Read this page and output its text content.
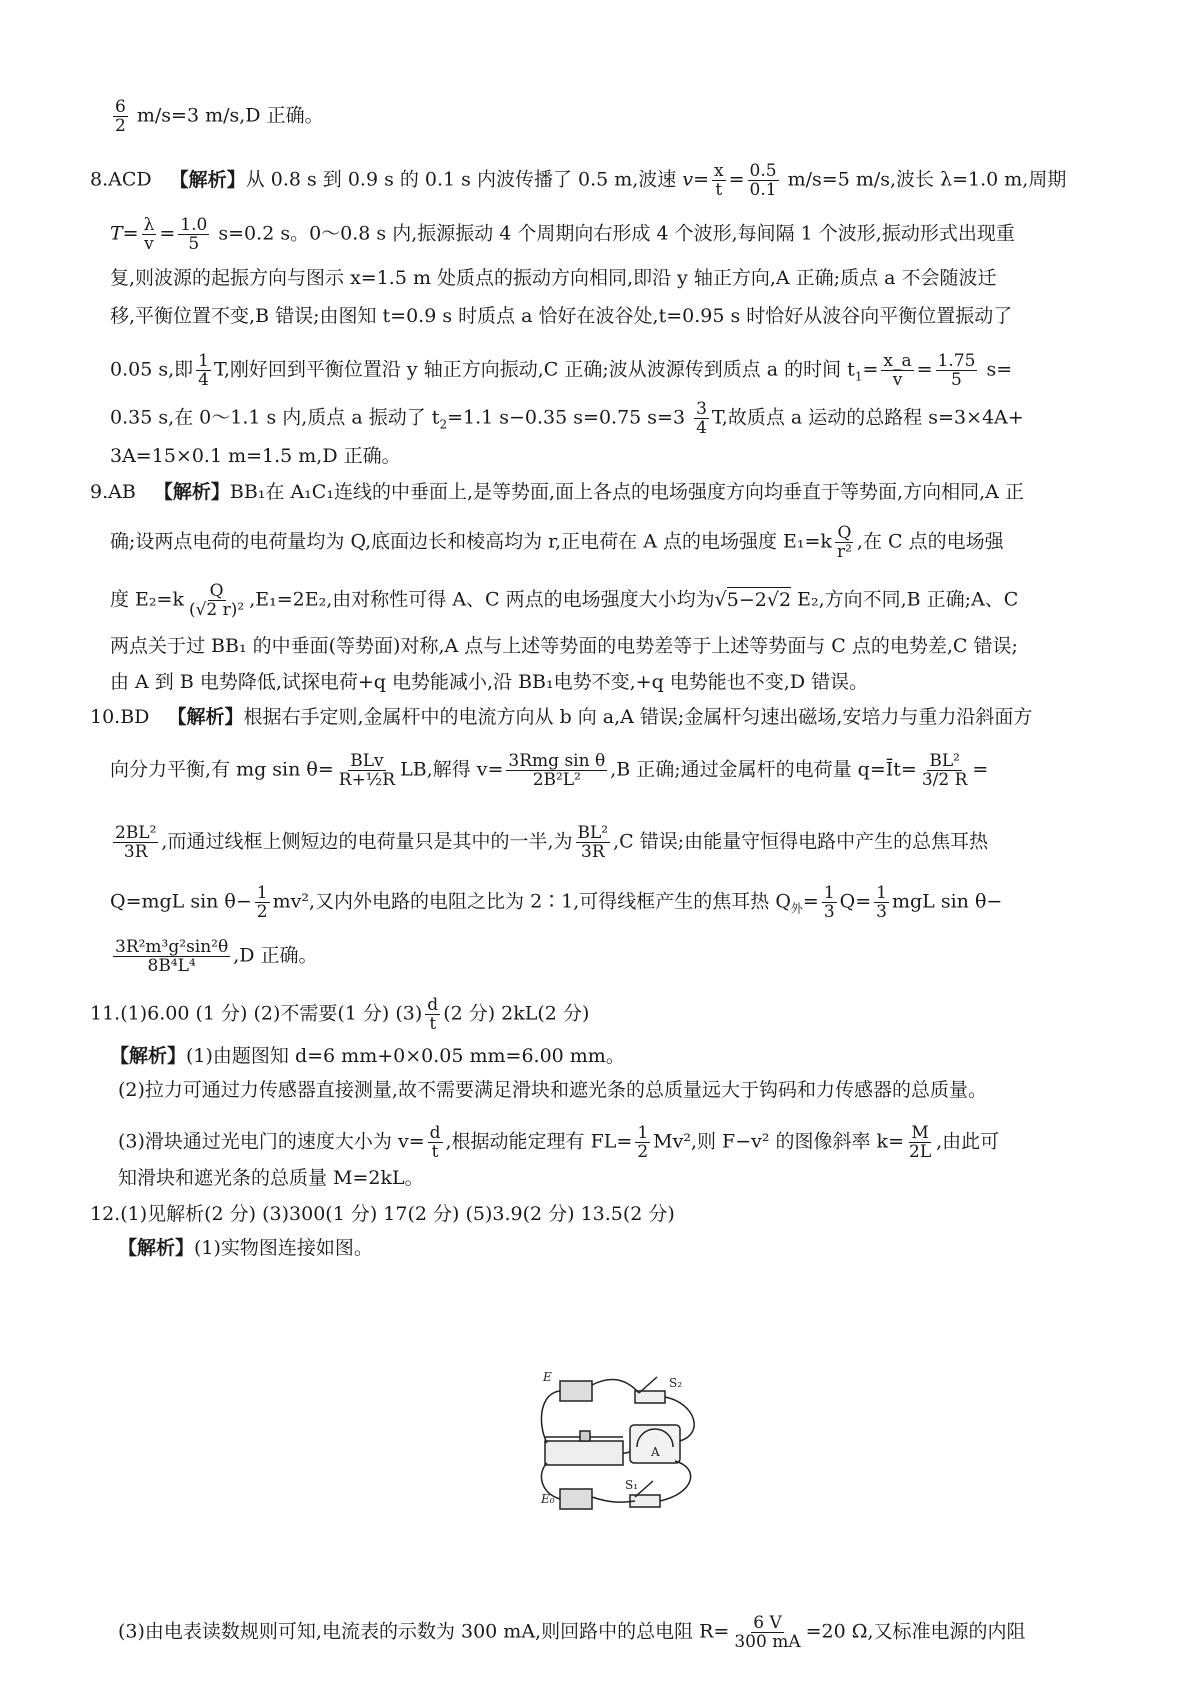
$\frac{6}{2} m/s=3$ m/s,D 正确。
8.ACD 【解析】从 0.8 s 到 0.9 s 的 0.1 s 内波传播了 0.5 m,波速 $v= \frac{x}{t} = \frac{0.5}{0.1} m/s=5$ m/s,波长 λ=1.0 m,周期
$T= \frac{\lambda}{v} = \frac{1.0}{5} s=0.2$ s。0～0.8 s 内,振源振动 4 个周期向右形成 4 个波形,每间隔 1 个波形,振动形式出现重
复,则波源的起振方向与图示 x=1.5 m 处质点的振动方向相同,即沿 y 轴正方向,A 正确;质点 a 不会随波迁
移,平衡位置不变,B 错误;由图知 t=0.9 s 时质点 a 恰好在波谷处,t=0.95 s 时恰好从波谷向平衡位置振动了
0.05 s,即 $\frac{1}{4} T$,刚好回到平衡位置沿 y 轴正方向振动,C 正确;波从波源传到质点 a 的时间 $t_1= \frac{x\_a}{v} = \frac{1.75}{5} s=$
0.35 s,在 0～1.1 s 内,质点 a 振动了 $t_2=1.1$ s−0.35 s=0.75 $s=3 \frac{3}{4} T$,故质点 a 运动的总路程 s=3×4A+
3A=15×0.1 m=1.5 m,D 正确。
9.AB 【解析】BB₁在 A₁C₁连线的中垂面上,是等势面,面上各点的电场强度方向均垂直于等势面,方向相同,A 正
确;设两点电荷的电荷量均为 Q,底面边长和棱高均为 r,正电荷在 A 点的电场强度 $E_1=k \frac{Q}{\text{r²}}$ ,在 C 点的电场强
度 $E_2=k \frac{Q}{\text{(√2 r)²}} ,E_1=2E_2$,由对称性可得 A、C 两点的电场强度大小均为√5−2√2 E₂,方向不同,B 正确;A、C
两点关于过 BB₁ 的中垂面(等势面)对称,A 点与上述等势面的电势差等于上述等势面与 C 点的电势差,C 错误;
由 A 到 B 电势降低,试探电荷+q 电势能减小,沿 BB₁电势不变,+q 电势能也不变,D 错误。
10.BD 【解析】根据右手定则,金属杆中的电流方向从 b 向 a,A 错误;金属杆匀速出磁场,安培力与重力沿斜面方
向分力平衡,有 mg $\sin \theta= \frac{\text{BLv}}{\text{R+½R}}$ LB,解得 $v= \frac{\text{3Rmg sin θ}}{\text{2B²L²}} ,B$ 正确;通过金属杆的电荷量 q=Īt= $\frac{\text{BL²}}{3/2 R}$ =
$\frac{\text{2BL²}}{3R}$ ,而通过线框上侧短边的电荷量只是其中的一半,为 $\frac{\text{BL²}}{3R} ,C$ 错误;由能量守恒得电路中产生的总焦耳热
Q=mgL $\sin \theta- \frac{1}{2} mv^2$,又内外电路的电阻之比为 2∶1,可得线框产生的焦耳热 $Q_外= \frac{1}{3} Q= \frac{1}{3}$ mgL sin θ−
$\frac{\text{3R²m³g²sin²θ}}{\text{8B⁴L⁴}} ,D$ 正确。
11.(1)6.00 (1 分) (2)不需要(1 分) $(3) \frac{d}{t} (2$ 分) 2kL(2 分)
【解析】(1)由题图知 d=6 mm+0×0.05 mm=6.00 mm。
(2)拉力可通过力传感器直接测量,故不需要满足滑块和遮光条的总质量远大于钩码和力传感器的总质量。
(3)滑块通过光电门的速度大小为 $v= \frac{d}{t}$ ,根据动能定理有 $FL= \frac{1}{2} Mv^2$,则 F−v² 的图像斜率 $k= \frac{M}{2L}$ ,由此可
知滑块和遮光条的总质量 M=2kL。
12.(1)见解析(2 分) (3)300(1 分) 17(2 分) (5)3.9(2 分) 13.5(2 分)
【解析】(1)实物图连接如图。
E	S₂
E₀
S₁
A
(3)由电表读数规则可知,电流表的示数为 300 mA,则回路中的总电阻 $R= \frac{6 V}{300 mA} =20$ Ω,又标准电源的内阻
